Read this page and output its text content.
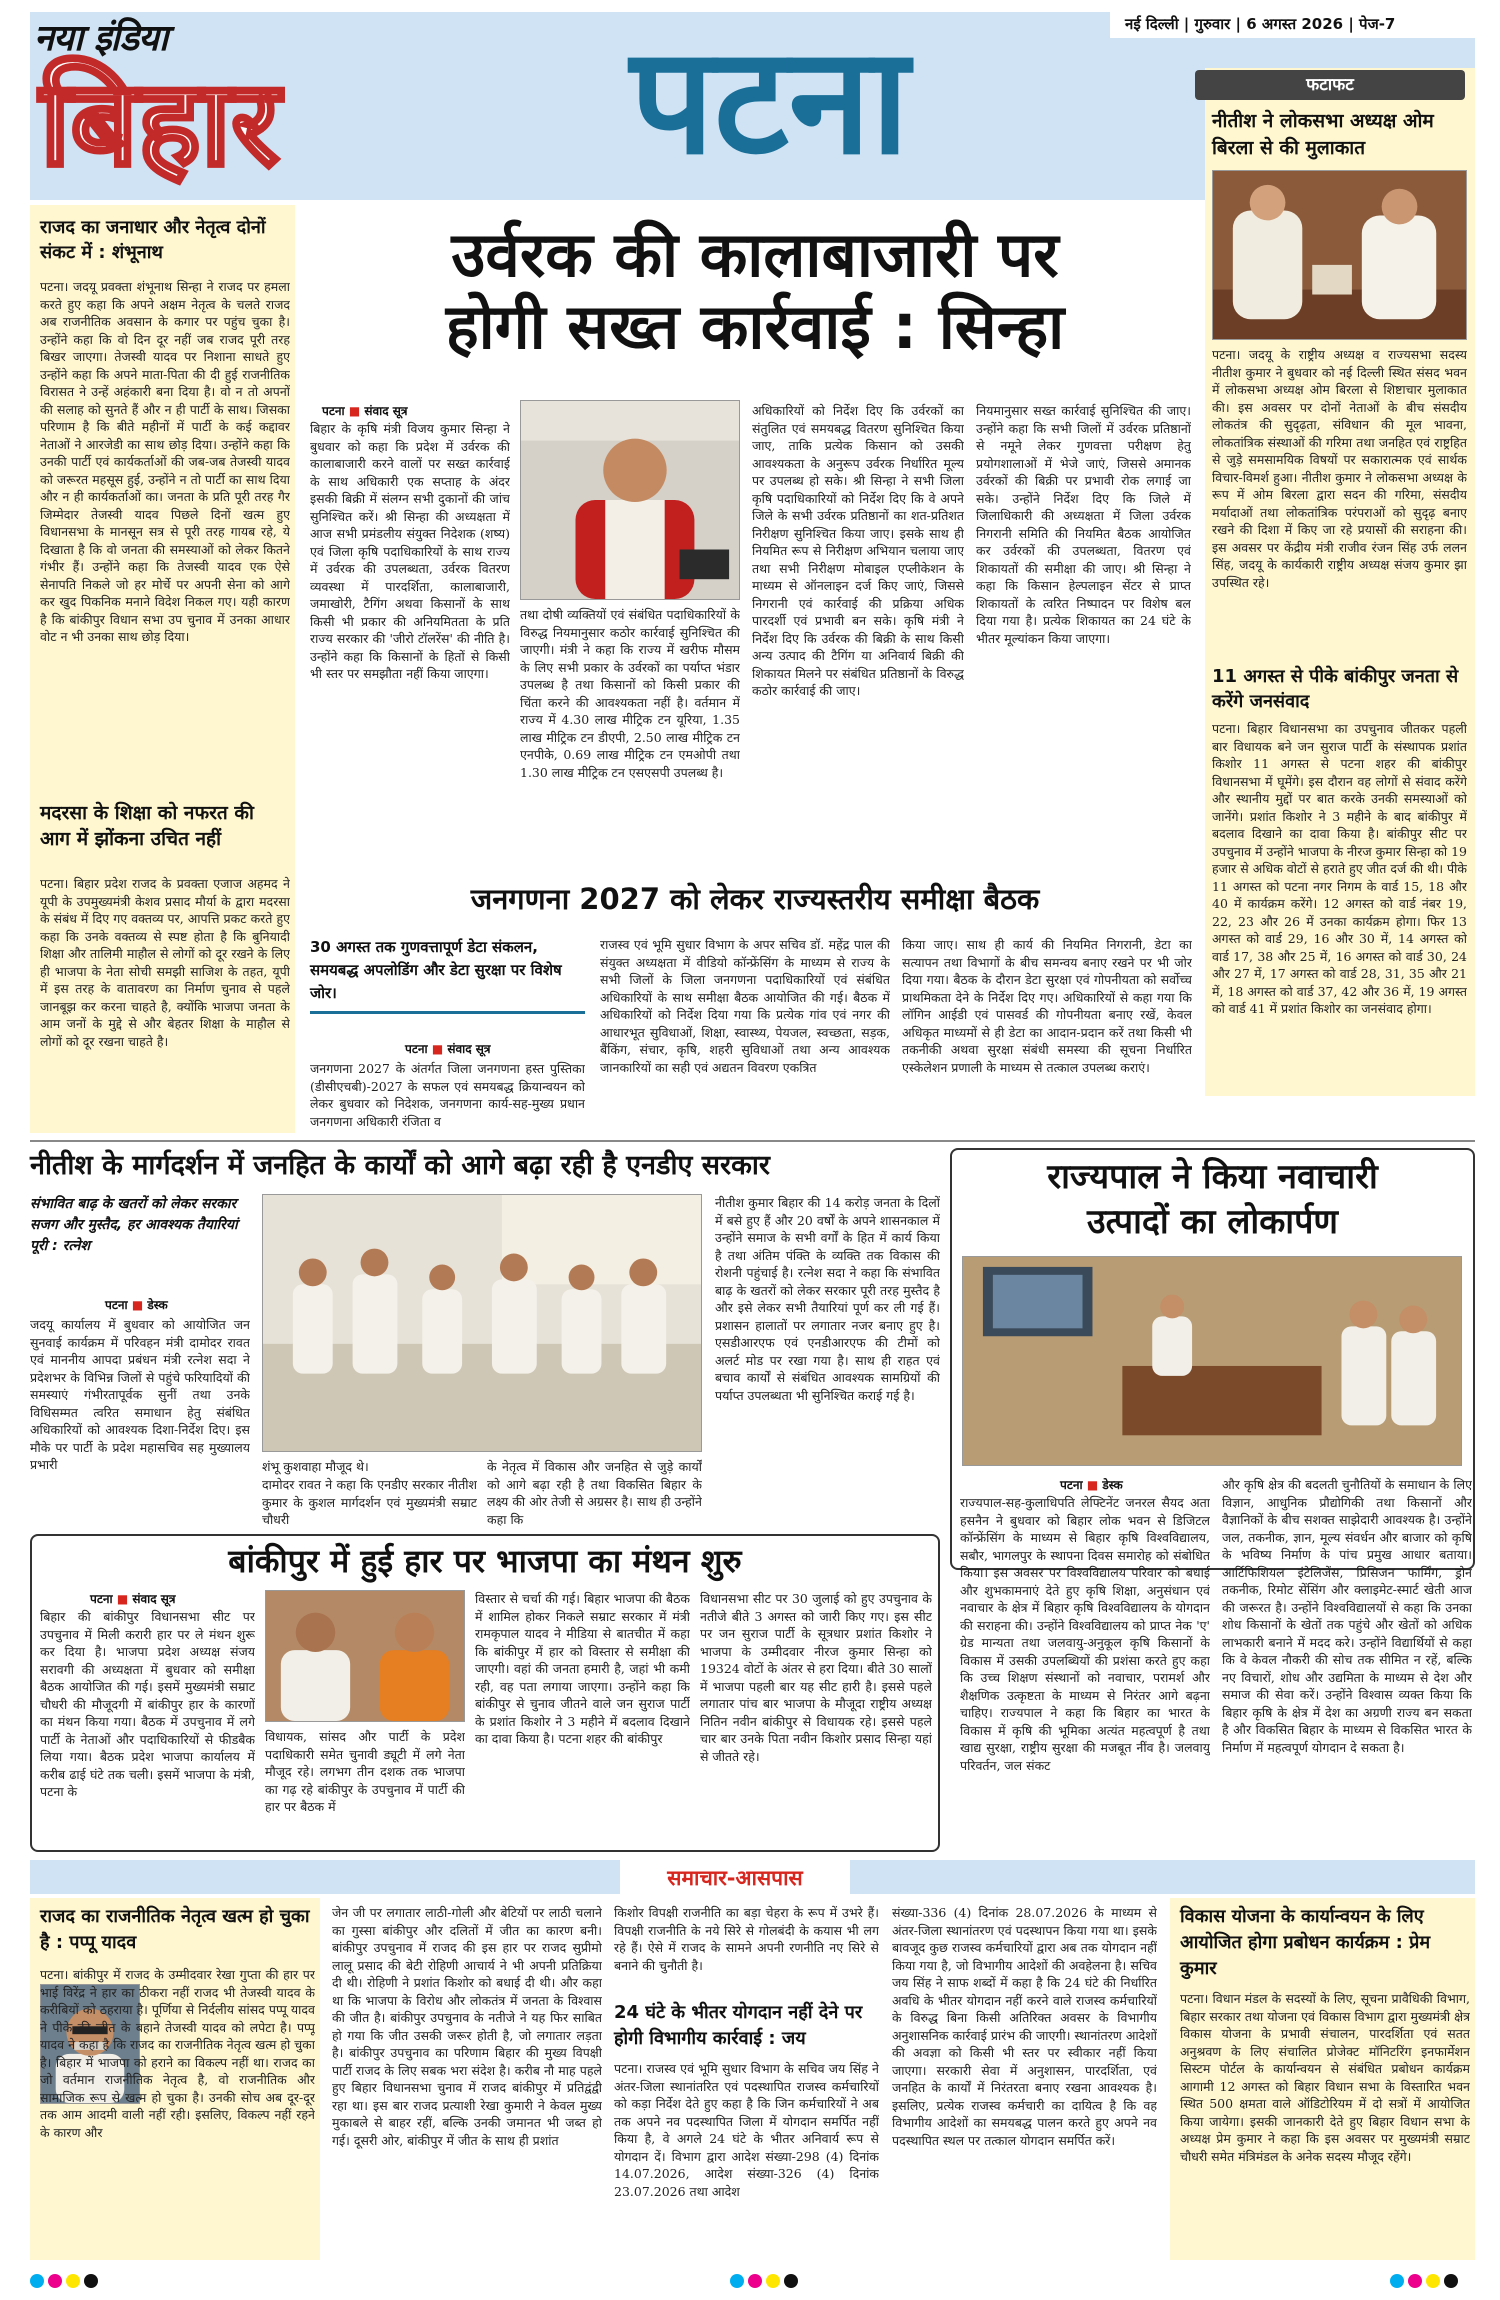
नई दिल्ली | गुरुवार | 6 अगस्त 2026 | पेज-7
नया इंडिया
बिहार पटना	फटाफट
नीतीश ने लोकसभा अध्यक्ष ओम बिरला से की मुलाकात
पटना। जदयू के राष्ट्रीय अध्यक्ष व राज्यसभा सदस्य नीतीश कुमार ने बुधवार को नई दिल्ली स्थित संसद भवन में लोकसभा अध्यक्ष ओम बिरला से शिष्टाचार मुलाकात की। इस अवसर पर दोनों नेताओं के बीच संसदीय लोकतंत्र की सुदृढ़ता, संविधान की मूल भावना, लोकतांत्रिक संस्थाओं की गरिमा तथा जनहित एवं राष्ट्रहित से जुड़े समसामयिक विषयों पर सकारात्मक एवं सार्थक विचार-विमर्श हुआ। नीतीश कुमार ने लोकसभा अध्यक्ष के रूप में ओम बिरला द्वारा सदन की गरिमा, संसदीय मर्यादाओं तथा लोकतांत्रिक परंपराओं को सुदृढ़ बनाए रखने की दिशा में किए जा रहे प्रयासों की सराहना की। इस अवसर पर केंद्रीय मंत्री राजीव रंजन सिंह उर्फ ललन सिंह, जदयू के कार्यकारी राष्ट्रीय अध्यक्ष संजय कुमार झा उपस्थित रहे।
11 अगस्त से पीके बांकीपुर जनता से करेंगे जनसंवाद
पटना। बिहार विधानसभा का उपचुनाव जीतकर पहली बार विधायक बने जन सुराज पार्टी के संस्थापक प्रशांत किशोर 11 अगस्त से पटना शहर की बांकीपुर विधानसभा में घूमेंगे। इस दौरान वह लोगों से संवाद करेंगे और स्थानीय मुद्दों पर बात करके उनकी समस्याओं को जानेंगे। प्रशांत किशोर ने 3 महीने के बाद बांकीपुर में बदलाव दिखाने का दावा किया है। बांकीपुर सीट पर उपचुनाव में उन्होंने भाजपा के नीरज कुमार सिन्हा को 19 हजार से अधिक वोटों से हराते हुए जीत दर्ज की थी। पीके 11 अगस्त को पटना नगर निगम के वार्ड 15, 18 और 40 में कार्यक्रम करेंगे। 12 अगस्त को वार्ड नंबर 19, 22, 23 और 26 में उनका कार्यक्रम होगा। फिर 13 अगस्त को वार्ड 29, 16 और 30 में, 14 अगस्त को वार्ड 17, 38 और 25 में, 16 अगस्त को वार्ड 30, 24 और 27 में, 17 अगस्त को वार्ड 28, 31, 35 और 21 में, 18 अगस्त को वार्ड 37, 42 और 36 में, 19 अगस्त को वार्ड 41 में प्रशांत किशोर का जनसंवाद होगा।
राजद का जनाधार और नेतृत्व दोनों संकट में : शंभूनाथ
पटना। जदयू प्रवक्ता शंभूनाथ सिन्हा ने राजद पर हमला करते हुए कहा कि अपने अक्षम नेतृत्व के चलते राजद अब राजनीतिक अवसान के कगार पर पहुंच चुका है। उन्होंने कहा कि वो दिन दूर नहीं जब राजद पूरी तरह बिखर जाएगा। तेजस्वी यादव पर निशाना साधते हुए उन्होंने कहा कि अपने माता-पिता की दी हुई राजनीतिक विरासत ने उन्हें अहंकारी बना दिया है। वो न तो अपनों की सलाह को सुनते हैं और न ही पार्टी के साथ। जिसका परिणाम है कि बीते महीनों में पार्टी के कई कद्दावर नेताओं ने आरजेडी का साथ छोड़ दिया। उन्होंने कहा कि उनकी पार्टी एवं कार्यकर्ताओं की जब-जब तेजस्वी यादव को जरूरत महसूस हुई, उन्होंने न तो पार्टी का साथ दिया और न ही कार्यकर्ताओं का। जनता के प्रति पूरी तरह गैर जिम्मेदार तेजस्वी यादव पिछले दिनों खत्म हुए विधानसभा के मानसून सत्र से पूरी तरह गायब रहे, ये दिखाता है कि वो जनता की समस्याओं को लेकर कितने गंभीर हैं। उन्होंने कहा कि तेजस्वी यादव एक ऐसे सेनापति निकले जो हर मोर्चे पर अपनी सेना को आगे कर खुद पिकनिक मनाने विदेश निकल गए। यही कारण है कि बांकीपुर विधान सभा उप चुनाव में उनका आधार वोट न भी उनका साथ छोड़ दिया।
मदरसा के शिक्षा को नफरत की आग में झोंकना उचित नहीं
पटना। बिहार प्रदेश राजद के प्रवक्ता एजाज अहमद ने यूपी के उपमुख्यमंत्री केशव प्रसाद मौर्या के द्वारा मदरसा के संबंध में दिए गए वक्तव्य पर, आपत्ति प्रकट करते हुए कहा कि उनके वक्तव्य से स्पष्ट होता है कि बुनियादी शिक्षा और तालिमी माहौल से लोगों को दूर रखने के लिए ही भाजपा के नेता सोची समझी साजिश के तहत, यूपी में इस तरह के वातावरण का निर्माण चुनाव से पहले जानबूझ कर करना चाहते है, क्योंकि भाजपा जनता के आम जनों के मुद्दे से और बेहतर शिक्षा के माहौल से लोगों को दूर रखना चाहते है।
उर्वरक की कालाबाजारी पर
होगी सख्त कार्रवाई : सिन्हा
पटना ■ संवाद सूत्र
बिहार के कृषि मंत्री विजय कुमार सिन्हा ने बुधवार को कहा कि प्रदेश में उर्वरक की कालाबाजारी करने वालों पर सख्त कार्रवाई के साथ अधिकारी एक सप्ताह के अंदर इसकी बिक्री में संलग्न सभी दुकानों की जांच सुनिश्चित करें। श्री सिन्हा की अध्यक्षता में आज सभी प्रमंडलीय संयुक्त निदेशक (शष्य) एवं जिला कृषि पदाधिकारियों के साथ राज्य में उर्वरक की उपलब्धता, उर्वरक वितरण व्यवस्था में पारदर्शिता, कालाबाजारी, जमाखोरी, टैगिंग अथवा किसानों के साथ किसी भी प्रकार की अनियमितता के प्रति राज्य सरकार की 'जीरो टॉलरेंस' की नीति है। उन्होंने कहा कि किसानों के हितों से किसी भी स्तर पर समझौता नहीं किया जाएगा।
तथा दोषी व्यक्तियों एवं संबंधित पदाधिकारियों के विरुद्ध नियमानुसार कठोर कार्रवाई सुनिश्चित की जाएगी। मंत्री ने कहा कि राज्य में खरीफ मौसम के लिए सभी प्रकार के उर्वरकों का पर्याप्त भंडार उपलब्ध है तथा किसानों को किसी प्रकार की चिंता करने की आवश्यकता नहीं है। वर्तमान में राज्य में 4.30 लाख मीट्रिक टन यूरिया, 1.35 लाख मीट्रिक टन डीएपी, 2.50 लाख मीट्रिक टन एनपीके, 0.69 लाख मीट्रिक टन एमओपी तथा 1.30 लाख मीट्रिक टन एसएसपी उपलब्ध है।
अधिकारियों को निर्देश दिए कि उर्वरकों का संतुलित एवं समयबद्ध वितरण सुनिश्चित किया जाए, ताकि प्रत्येक किसान को उसकी आवश्यकता के अनुरूप उर्वरक निर्धारित मूल्य पर उपलब्ध हो सके। श्री सिन्हा ने सभी जिला कृषि पदाधिकारियों को निर्देश दिए कि वे अपने जिले के सभी उर्वरक प्रतिष्ठानों का शत-प्रतिशत निरीक्षण सुनिश्चित किया जाए। इसके साथ ही नियमित रूप से निरीक्षण अभियान चलाया जाए तथा सभी निरीक्षण मोबाइल एप्लीकेशन के माध्यम से ऑनलाइन दर्ज किए जाएं, जिससे निगरानी एवं कार्रवाई की प्रक्रिया अधिक पारदर्शी एवं प्रभावी बन सके। कृषि मंत्री ने निर्देश दिए कि उर्वरक की बिक्री के साथ किसी अन्य उत्पाद की टैगिंग या अनिवार्य बिक्री की शिकायत मिलने पर संबंधित प्रतिष्ठानों के विरुद्ध कठोर कार्रवाई की जाए।
नियमानुसार सख्त कार्रवाई सुनिश्चित की जाए। उन्होंने कहा कि सभी जिलों में उर्वरक प्रतिष्ठानों से नमूने लेकर गुणवत्ता परीक्षण हेतु प्रयोगशालाओं में भेजे जाएं, जिससे अमानक उर्वरकों की बिक्री पर प्रभावी रोक लगाई जा सके। उन्होंने निर्देश दिए कि जिले में जिलाधिकारी की अध्यक्षता में जिला उर्वरक निगरानी समिति की नियमित बैठक आयोजित कर उर्वरकों की उपलब्धता, वितरण एवं शिकायतों की समीक्षा की जाए। श्री सिन्हा ने कहा कि किसान हेल्पलाइन सेंटर से प्राप्त शिकायतों के त्वरित निष्पादन पर विशेष बल दिया गया है। प्रत्येक शिकायत का 24 घंटे के भीतर मूल्यांकन किया जाएगा।
जनगणना 2027 को लेकर राज्यस्तरीय समीक्षा बैठक
30 अगस्त तक गुणवत्तापूर्ण डेटा संकलन, समयबद्ध अपलोडिंग और डेटा सुरक्षा पर विशेष जोर।
पटना ■ संवाद सूत्र
जनगणना 2027 के अंतर्गत जिला जनगणना हस्त पुस्तिका (डीसीएचबी)-2027 के सफल एवं समयबद्ध क्रियान्वयन को लेकर बुधवार को निदेशक, जनगणना कार्य-सह-मुख्य प्रधान जनगणना अधिकारी रंजिता व
राजस्व एवं भूमि सुधार विभाग के अपर सचिव डॉ. महेंद्र पाल की संयुक्त अध्यक्षता में वीडियो कॉन्फ्रेंसिंग के माध्यम से राज्य के सभी जिलों के जिला जनगणना पदाधिकारियों एवं संबंधित अधिकारियों के साथ समीक्षा बैठक आयोजित की गई। बैठक में अधिकारियों को निर्देश दिया गया कि प्रत्येक गांव एवं नगर की आधारभूत सुविधाओं, शिक्षा, स्वास्थ्य, पेयजल, स्वच्छता, सड़क, बैंकिंग, संचार, कृषि, शहरी सुविधाओं तथा अन्य आवश्यक जानकारियों का सही एवं अद्यतन विवरण एकत्रित
किया जाए। साथ ही कार्य की नियमित निगरानी, डेटा का सत्यापन तथा विभागों के बीच समन्वय बनाए रखने पर भी जोर दिया गया। बैठक के दौरान डेटा सुरक्षा एवं गोपनीयता को सर्वोच्च प्राथमिकता देने के निर्देश दिए गए। अधिकारियों से कहा गया कि लॉगिन आईडी एवं पासवर्ड की गोपनीयता बनाए रखें, केवल अधिकृत माध्यमों से ही डेटा का आदान-प्रदान करें तथा किसी भी तकनीकी अथवा सुरक्षा संबंधी समस्या की सूचना निर्धारित एस्केलेशन प्रणाली के माध्यम से तत्काल उपलब्ध कराएं।
नीतीश के मार्गदर्शन में जनहित के कार्यों को आगे बढ़ा रही है एनडीए सरकार
संभावित बाढ़ के खतरों को लेकर सरकार सजग और मुस्तैद, हर आवश्यक तैयारियां पूरी : रत्नेश
पटना ■ डेस्क
जदयू कार्यालय में बुधवार को आयोजित जन सुनवाई कार्यक्रम में परिवहन मंत्री दामोदर रावत एवं माननीय आपदा प्रबंधन मंत्री रत्नेश सदा ने प्रदेशभर के विभिन्न जिलों से पहुंचे फरियादियों की समस्याएं गंभीरतापूर्वक सुनीं तथा उनके विधिसम्मत त्वरित समाधान हेतु संबंधित अधिकारियों को आवश्यक दिशा-निर्देश दिए। इस मौके पर पार्टी के प्रदेश महासचिव सह मुख्यालय प्रभारी	शंभू कुशवाहा मौजूद थे।
दामोदर रावत ने कहा कि एनडीए सरकार नीतीश कुमार के कुशल मार्गदर्शन एवं मुख्यमंत्री सम्राट चौधरी
के नेतृत्व में विकास और जनहित से जुड़े कार्यों को आगे बढ़ा रही है तथा विकसित बिहार के लक्ष्य की ओर तेजी से अग्रसर है। साथ ही उन्होंने कहा कि
नीतीश कुमार बिहार की 14 करोड़ जनता के दिलों में बसे हुए हैं और 20 वर्षों के अपने शासनकाल में उन्होंने समाज के सभी वर्गों के हित में कार्य किया है तथा अंतिम पंक्ति के व्यक्ति तक विकास की रोशनी पहुंचाई है। रत्नेश सदा ने कहा कि संभावित बाढ़ के खतरों को लेकर सरकार पूरी तरह मुस्तैद है और इसे लेकर सभी तैयारियां पूर्ण कर ली गई हैं। प्रशासन हालातों पर लगातार नजर बनाए हुए है। एसडीआरएफ एवं एनडीआरएफ की टीमों को अलर्ट मोड पर रखा गया है। साथ ही राहत एवं बचाव कार्यों से संबंधित आवश्यक सामग्रियों की पर्याप्त उपलब्धता भी सुनिश्चित कराई गई है।
राज्यपाल ने किया नवाचारी
उत्पादों का लोकार्पण
पटना ■ डेस्क
राज्यपाल-सह-कुलाधिपति लेफ्टिनेंट जनरल सैयद अता हसनैन ने बुधवार को बिहार लोक भवन से डिजिटल कॉन्फ्रेंसिंग के माध्यम से बिहार कृषि विश्वविद्यालय, सबौर, भागलपुर के स्थापना दिवस समारोह को संबोधित किया। इस अवसर पर विश्वविद्यालय परिवार को बधाई और शुभकामनाएं देते हुए कृषि शिक्षा, अनुसंधान एवं नवाचार के क्षेत्र में बिहार कृषि विश्वविद्यालय के योगदान की सराहना की। उन्होंने विश्वविद्यालय को प्राप्त नेक 'ए' ग्रेड मान्यता तथा जलवायु-अनुकूल कृषि किसानों के विकास में उसकी उपलब्धियों की प्रशंसा करते हुए कहा कि उच्च शिक्षण संस्थानों को नवाचार, परामर्श और शैक्षणिक उत्कृष्टता के माध्यम से निरंतर आगे बढ़ना चाहिए। राज्यपाल ने कहा कि बिहार का भारत के विकास में कृषि की भूमिका अत्यंत महत्वपूर्ण है तथा खाद्य सुरक्षा, राष्ट्रीय सुरक्षा की मजबूत नींव है। जलवायु परिवर्तन, जल संकट
और कृषि क्षेत्र की बदलती चुनौतियों के समाधान के लिए विज्ञान, आधुनिक प्रौद्योगिकी तथा किसानों और वैज्ञानिकों के बीच सशक्त साझेदारी आवश्यक है। उन्होंने जल, तकनीक, ज्ञान, मूल्य संवर्धन और बाजार को कृषि के भविष्य निर्माण के पांच प्रमुख आधार बताया। आर्टिफिशियल इंटेलिजेंस, प्रिसिजन फार्मिंग, ड्रोन तकनीक, रिमोट सेंसिंग और क्लाइमेट-स्मार्ट खेती आज की जरूरत है। उन्होंने विश्वविद्यालयों से कहा कि उनका शोध किसानों के खेतों तक पहुंचे और खेतों को अधिक लाभकारी बनाने में मदद करे। उन्होंने विद्यार्थियों से कहा कि वे केवल नौकरी की सोच तक सीमित न रहें, बल्कि नए विचारों, शोध और उद्यमिता के माध्यम से देश और समाज की सेवा करें। उन्होंने विश्वास व्यक्त किया कि बिहार कृषि के क्षेत्र में देश का अग्रणी राज्य बन सकता है और विकसित बिहार के माध्यम से विकसित भारत के निर्माण में महत्वपूर्ण योगदान दे सकता है।
बांकीपुर में हुई हार पर भाजपा का मंथन शुरु
पटना ■ संवाद सूत्र
बिहार की बांकीपुर विधानसभा सीट पर उपचुनाव में मिली करारी हार पर ले मंथन शुरू कर दिया है। भाजपा प्रदेश अध्यक्ष संजय सरावगी की अध्यक्षता में बुधवार को समीक्षा बैठक आयोजित की गई। इसमें मुख्यमंत्री सम्राट चौधरी की मौजूदगी में बांकीपुर हार के कारणों का मंथन किया गया। बैठक में उपचुनाव में लगे पार्टी के नेताओं और पदाधिकारियों से फीडबैक लिया गया। बैठक प्रदेश भाजपा कार्यालय में करीब ढाई घंटे तक चली। इसमें भाजपा के मंत्री, पटना के
विधायक, सांसद और पार्टी के प्रदेश पदाधिकारी समेत चुनावी ड्यूटी में लगे नेता मौजूद रहे। लगभग तीन दशक तक भाजपा का गढ़ रहे बांकीपुर के उपचुनाव में पार्टी की हार पर बैठक में
विस्तार से चर्चा की गई। बिहार भाजपा की बैठक में शामिल होकर निकले सम्राट सरकार में मंत्री रामकृपाल यादव ने मीडिया से बातचीत में कहा कि बांकीपुर में हार को विस्तार से समीक्षा की जाएगी। वहां की जनता हमारी है, जहां भी कमी रही, वह पता लगाया जाएगा। उन्होंने कहा कि बांकीपुर से चुनाव जीतने वाले जन सुराज पार्टी के प्रशांत किशोर ने 3 महीने में बदलाव दिखाने का दावा किया है। पटना शहर की बांकीपुर
विधानसभा सीट पर 30 जुलाई को हुए उपचुनाव के नतीजे बीते 3 अगस्त को जारी किए गए। इस सीट पर जन सुराज पार्टी के सूत्रधार प्रशांत किशोर ने भाजपा के उम्मीदवार नीरज कुमार सिन्हा को 19324 वोटों के अंतर से हरा दिया। बीते 30 सालों में भाजपा पहली बार यह सीट हारी है। इससे पहले लगातार पांच बार भाजपा के मौजूदा राष्ट्रीय अध्यक्ष नितिन नवीन बांकीपुर से विधायक रहे। इससे पहले चार बार उनके पिता नवीन किशोर प्रसाद सिन्हा यहां से जीतते रहे।
समाचार-आसपास
राजद का राजनीतिक नेतृत्व खत्म हो चुका है : पप्पू यादव
पटना। बांकीपुर में राजद के उम्मीदवार रेखा गुप्ता की हार पर भाई विरेंद्र ने हार का ठीकरा नहीं राजद भी तेजस्वी यादव के करीबियों को ठहराया है। पूर्णिया से निर्दलीय सांसद पप्पू यादव ने पीके की जीत के बहाने तेजस्वी यादव को लपेटा है। पप्पू यादव ने कहा है कि राजद का राजनीतिक नेतृत्व खत्म हो चुका है। बिहार में भाजपा को हराने का विकल्प नहीं था। राजद का जो वर्तमान राजनीतिक नेतृत्व है, वो राजनीतिक और सामाजिक रूप से खत्म हो चुका है। उनकी सोच अब दूर-दूर तक आम आदमी वाली नहीं रही। इसलिए, विकल्प नहीं रहने के कारण और
जेन जी पर लगातार लाठी-गोली और बेटियों पर लाठी चलाने का गुस्सा बांकीपुर और दलितों में जीत का कारण बनी। बांकीपुर उपचुनाव में राजद की इस हार पर राजद सुप्रीमो लालू प्रसाद की बेटी रोहिणी आचार्य ने भी अपनी प्रतिक्रिया दी थी। रोहिणी ने प्रशांत किशोर को बधाई दी थी। और कहा था कि भाजपा के विरोध और लोकतंत्र में जनता के विश्वास की जीत है। बांकीपुर उपचुनाव के नतीजे ने यह फिर साबित हो गया कि जीत उसकी जरूर होती है, जो लगातार लड़ता है। बांकीपुर उपचुनाव का परिणाम बिहार की मुख्य विपक्षी पार्टी राजद के लिए सबक भरा संदेश है। करीब नौ माह पहले हुए बिहार विधानसभा चुनाव में राजद बांकीपुर में प्रतिद्वंद्वी रहा था। इस बार राजद प्रत्याशी रेखा कुमारी ने केवल मुख्य मुकाबले से बाहर रहीं, बल्कि उनकी जमानत भी जब्त हो गई। दूसरी ओर, बांकीपुर में जीत के साथ ही प्रशांत
किशोर विपक्षी राजनीति का बड़ा चेहरा के रूप में उभरे हैं। विपक्षी राजनीति के नये सिरे से गोलबंदी के कयास भी लग रहे हैं। ऐसे में राजद के सामने अपनी रणनीति नए सिरे से बनाने की चुनौती है।
24 घंटे के भीतर योगदान नहीं देने पर होगी विभागीय कार्रवाई : जय
पटना। राजस्व एवं भूमि सुधार विभाग के सचिव जय सिंह ने अंतर-जिला स्थानांतरित एवं पदस्थापित राजस्व कर्मचारियों को कड़ा निर्देश देते हुए कहा है कि जिन कर्मचारियों ने अब तक अपने नव पदस्थापित जिला में योगदान समर्पित नहीं किया है, वे अगले 24 घंटे के भीतर अनिवार्य रूप से योगदान दें। विभाग द्वारा आदेश संख्या-298 (4) दिनांक 14.07.2026, आदेश संख्या-326 (4) दिनांक 23.07.2026 तथा आदेश
संख्या-336 (4) दिनांक 28.07.2026 के माध्यम से अंतर-जिला स्थानांतरण एवं पदस्थापन किया गया था। इसके बावजूद कुछ राजस्व कर्मचारियों द्वारा अब तक योगदान नहीं किया गया है, जो विभागीय आदेशों की अवहेलना है। सचिव जय सिंह ने साफ शब्दों में कहा है कि 24 घंटे की निर्धारित अवधि के भीतर योगदान नहीं करने वाले राजस्व कर्मचारियों के विरुद्ध बिना किसी अतिरिक्त अवसर के विभागीय अनुशासनिक कार्रवाई प्रारंभ की जाएगी। स्थानांतरण आदेशों की अवज्ञा को किसी भी स्तर पर स्वीकार नहीं किया जाएगा। सरकारी सेवा में अनुशासन, पारदर्शिता, एवं जनहित के कार्यों में निरंतरता बनाए रखना आवश्यक है। इसलिए, प्रत्येक राजस्व कर्मचारी का दायित्व है कि वह विभागीय आदेशों का समयबद्ध पालन करते हुए अपने नव पदस्थापित स्थल पर तत्काल योगदान समर्पित करें।
विकास योजना के कार्यान्वयन के लिए आयोजित होगा प्रबोधन कार्यक्रम : प्रेम कुमार
पटना। विधान मंडल के सदस्यों के लिए, सूचना प्रावैधिकी विभाग, बिहार सरकार तथा योजना एवं विकास विभाग द्वारा मुख्यमंत्री क्षेत्र विकास योजना के प्रभावी संचालन, पारदर्शिता एवं सतत अनुश्रवण के लिए संचालित प्रोजेक्ट मॉनिटरिंग इनफार्मेशन सिस्टम पोर्टल के कार्यान्वयन से संबंधित प्रबोधन कार्यक्रम आगामी 12 अगस्त को बिहार विधान सभा के विस्तारित भवन स्थित 500 क्षमता वाले ऑडिटोरियम में दो सत्रों में आयोजित किया जायेगा। इसकी जानकारी देते हुए बिहार विधान सभा के अध्यक्ष प्रेम कुमार ने कहा कि इस अवसर पर मुख्यमंत्री सम्राट चौधरी समेत मंत्रिमंडल के अनेक सदस्य मौजूद रहेंगे।
